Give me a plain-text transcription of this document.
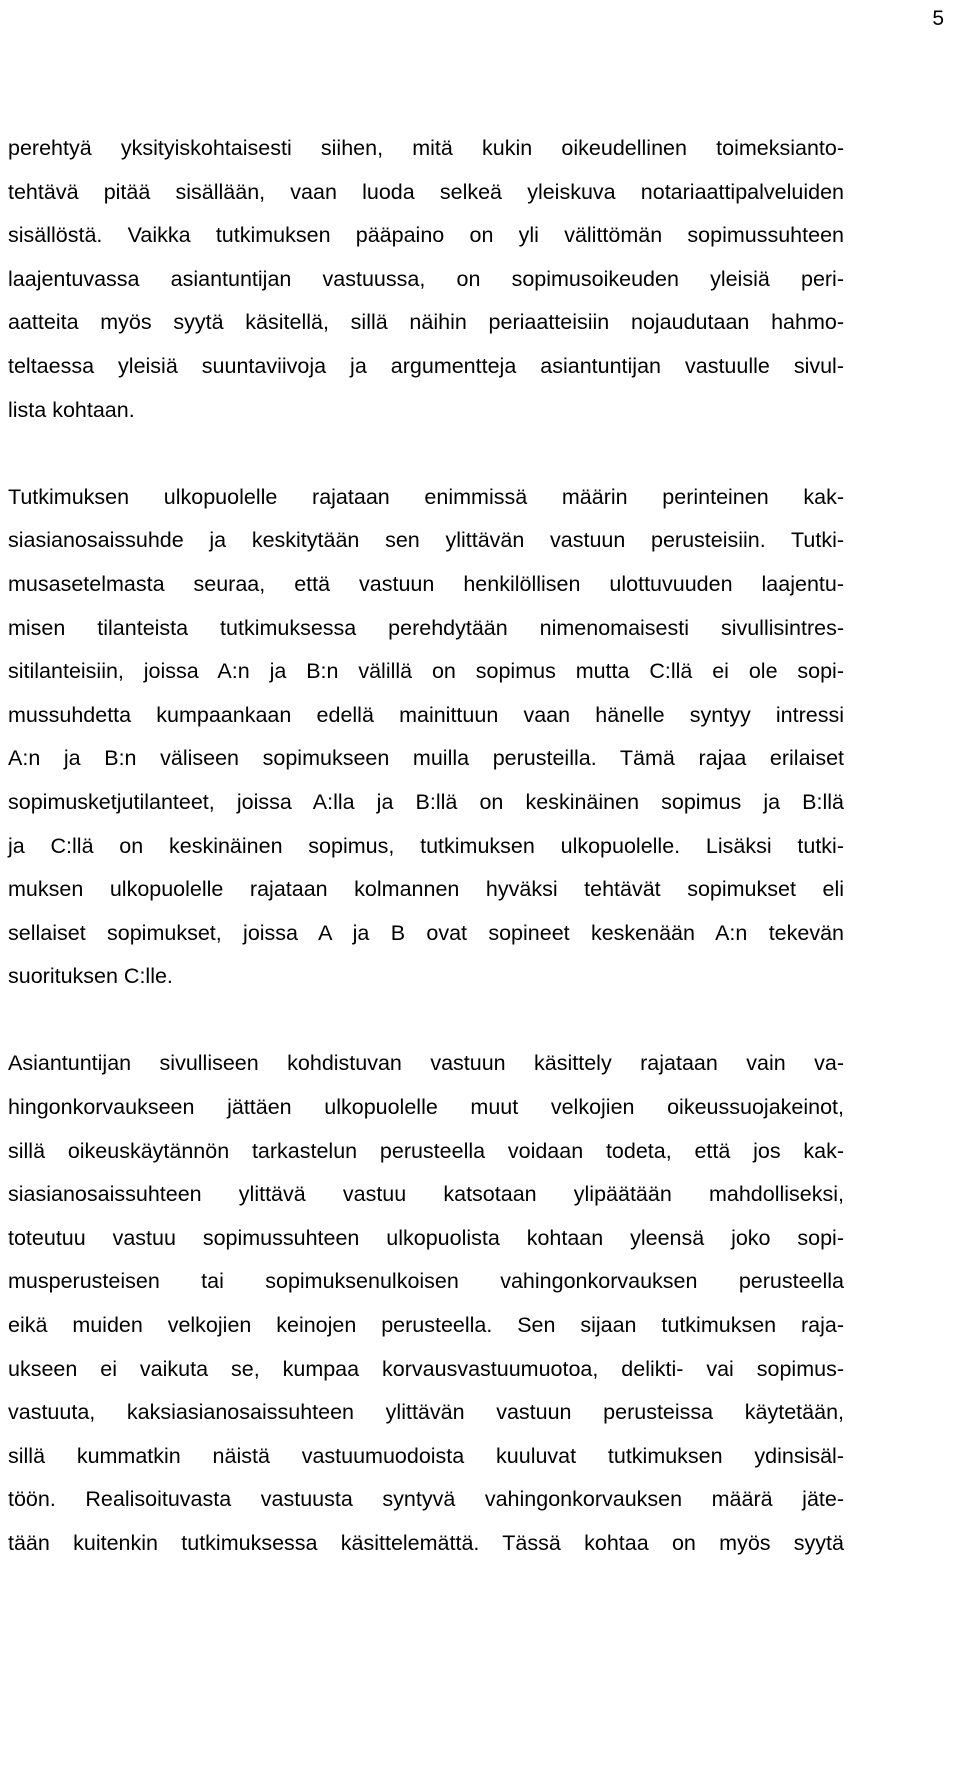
5

perehtyä yksityiskohtaisesti siihen, mitä kukin oikeudellinen toimeksianto-
tehtävä pitää sisällään, vaan luoda selkeä yleiskuva notariaattipalveluiden
sisällöstä. Vaikka tutkimuksen pääpaino on yli välittömän sopimussuhteen
laajentuvassa asiantuntijan vastuussa, on sopimusoikeuden yleisiä peri-
aatteita myös syytä käsitellä, sillä näihin periaatteisiin nojaudutaan hahmo-
teltaessa yleisiä suuntaviivoja ja argumentteja asiantuntijan vastuulle sivul-
lista kohtaan.

Tutkimuksen ulkopuolelle rajataan enimmissä määrin perinteinen kak-
siasianosaissuhde ja keskitytään sen ylittävän vastuun perusteisiin. Tutki-
musasetelmasta seuraa, että vastuun henkilöllisen ulottuvuuden laajentu-
misen tilanteista tutkimuksessa perehdytään nimenomaisesti sivullisintres-
sitilanteisiin, joissa A:n ja B:n välillä on sopimus mutta C:llä ei ole sopi-
mussuhdetta kumpaankaan edellä mainittuun vaan hänelle syntyy intressi
A:n ja B:n väliseen sopimukseen muilla perusteilla. Tämä rajaa erilaiset
sopimusketjutilanteet, joissa A:lla ja B:llä on keskinäinen sopimus ja B:llä
ja C:llä on keskinäinen sopimus, tutkimuksen ulkopuolelle. Lisäksi tutki-
muksen ulkopuolelle rajataan kolmannen hyväksi tehtävät sopimukset eli
sellaiset sopimukset, joissa A ja B ovat sopineet keskenään A:n tekevän
suorituksen C:lle.

Asiantuntijan sivulliseen kohdistuvan vastuun käsittely rajataan vain va-
hingonkorvaukseen jättäen ulkopuolelle muut velkojien oikeussuojakeinot,
sillä oikeuskäytännön tarkastelun perusteella voidaan todeta, että jos kak-
siasianosaissuhteen ylittävä vastuu katsotaan ylipäätään mahdolliseksi,
toteutuu vastuu sopimussuhteen ulkopuolista kohtaan yleensä joko sopi-
musperusteisen tai sopimuksenulkoisen vahingonkorvauksen perusteella
eikä muiden velkojien keinojen perusteella. Sen sijaan tutkimuksen raja-
ukseen ei vaikuta se, kumpaa korvausvastuumuotoa, delikti- vai sopimus-
vastuuta, kaksiasianosaissuhteen ylittävän vastuun perusteissa käytetään,
sillä kummatkin näistä vastuumuodoista kuuluvat tutkimuksen ydinsisäl-
töön. Realisoituvasta vastuusta syntyvä vahingonkorvauksen määrä jäte-
tään kuitenkin tutkimuksessa käsittelemättä. Tässä kohtaa on myös syytä
